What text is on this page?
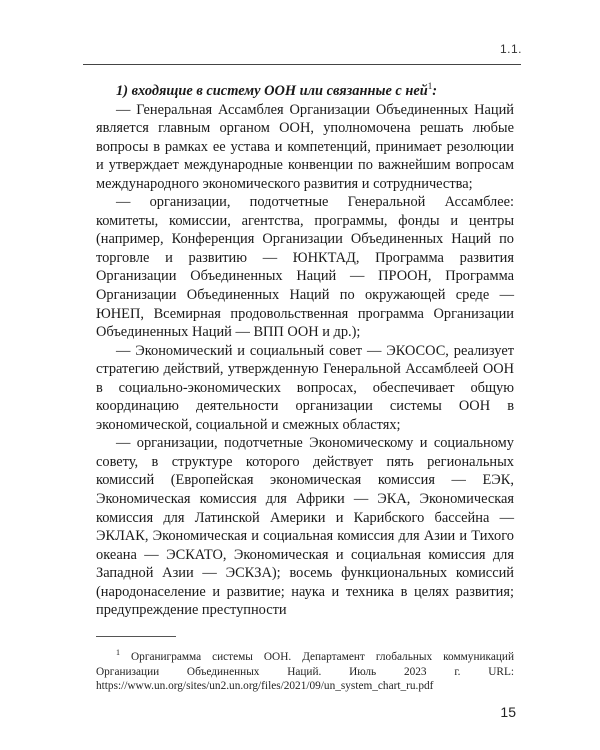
1.1.

1) входящие в систему ООН или связанные с ней$^1$:

— Генеральная Ассамблея Организации Объединенных Наций является главным органом ООН, уполномочена решать любые вопросы в рамках ее устава и компетенций, принимает резолюции и утверждает международные конвенции по важнейшим вопросам международного экономического развития и сотрудничества;

— организации, подотчетные Генеральной Ассамблее: комитеты, комиссии, агентства, программы, фонды и центры (например, Конференция Организации Объединенных Наций по торговле и развитию — ЮНКТАД, Программа развития Организации Объединенных Наций — ПРООН, Программа Организации Объединенных Наций по окружающей среде — ЮНЕП, Всемирная продовольственная программа Организации Объединенных Наций — ВПП ООН и др.);

— Экономический и социальный совет — ЭКОСОС, реализует стратегию действий, утвержденную Генеральной Ассамблеей ООН в социально-экономических вопросах, обеспечивает общую координацию деятельности организации системы ООН в экономической, социальной и смежных областях;

— организации, подотчетные Экономическому и социальному совету, в структуре которого действует пять региональных комиссий (Европейская экономическая комиссия — ЕЭК, Экономическая комиссия для Африки — ЭКА, Экономическая комиссия для Латинской Америки и Карибского бассейна — ЭКЛАК, Экономическая и социальная комиссия для Азии и Тихого океана — ЭСКАТО, Экономическая и социальная комиссия для Западной Азии — ЭСКЗА); восемь функциональных комиссий (народонаселение и развитие; наука и техника в целях развития; предупреждение преступности

$^1$ Органиграмма системы ООН. Департамент глобальных коммуникаций Организации Объединенных Наций. Июль 2023 г. URL: https://www.un.org/sites/un2.un.org/files/2021/09/un_system_chart_ru.pdf
15
